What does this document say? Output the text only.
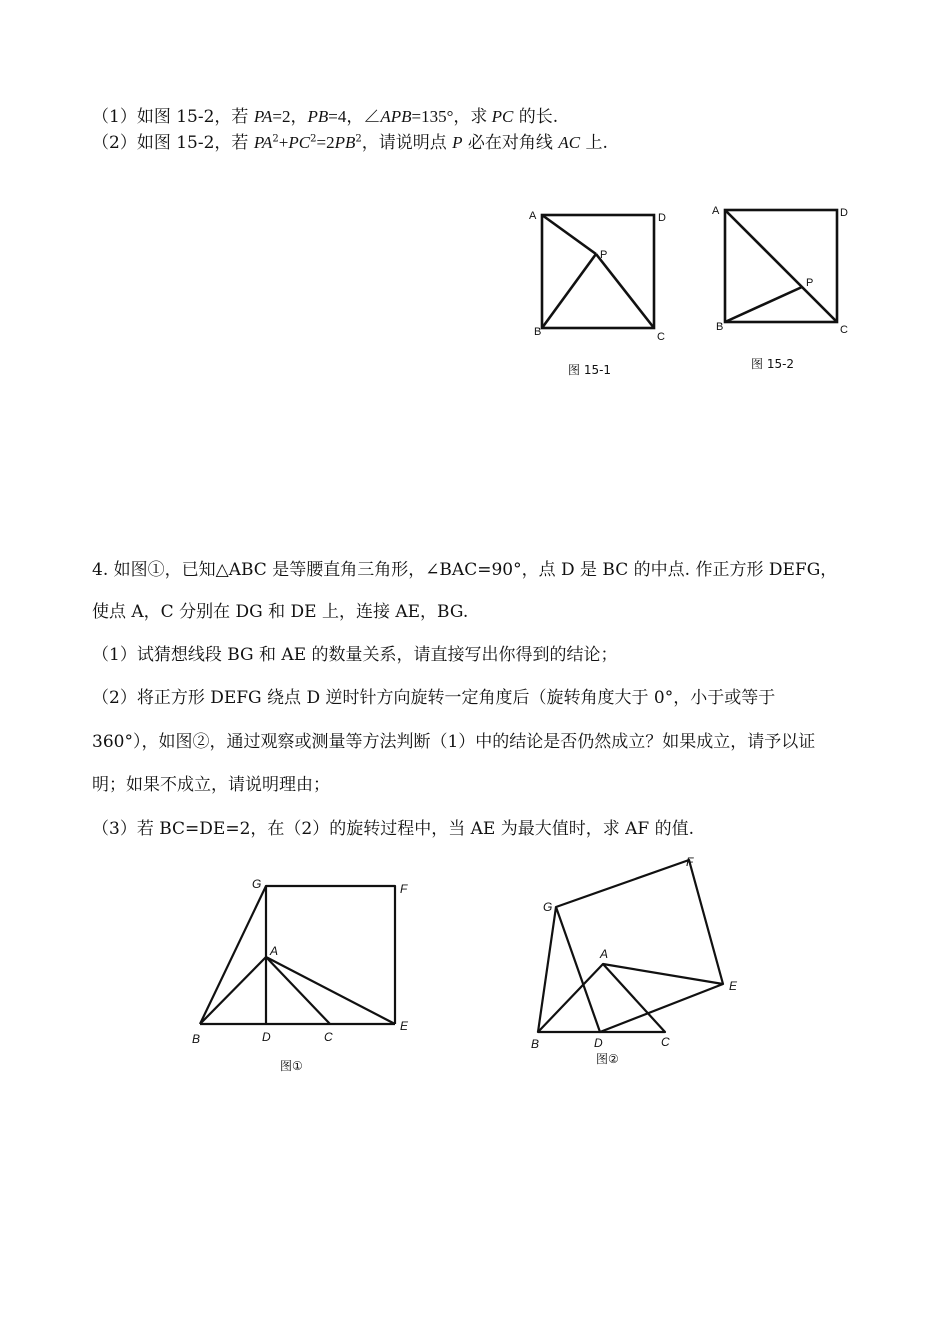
（1）如图 15-2，若 PA=2，PB=4，∠APB=135°，求 PC 的长.
（2）如图 15-2，若 $PA^2+PC^2=2PB^2$，请说明点 P 必在对角线 AC 上.
A	D
B	C
P
图 15-1
A	D
B	C
P
图 15-2
4. 如图①，已知△ABC 是等腰直角三角形，∠BAC=90°，点 D 是 BC 的中点. 作正方形 DEFG，
使点 A，C 分别在 DG 和 DE 上，连接 AE，BG.
（1）试猜想线段 BG 和 AE 的数量关系，请直接写出你得到的结论；
（2）将正方形 DEFG 绕点 D 逆时针方向旋转一定角度后（旋转角度大于 0°，小于或等于
360°），如图②，通过观察或测量等方法判断（1）中的结论是否仍然成立？如果成立，请予以证
明；如果不成立，请说明理由；
（3）若 BC=DE=2，在（2）的旋转过程中，当 AE 为最大值时，求 AF 的值.
G	F
A
B	D	C
E
图①
G
F
A
E
B	D	C
图②
